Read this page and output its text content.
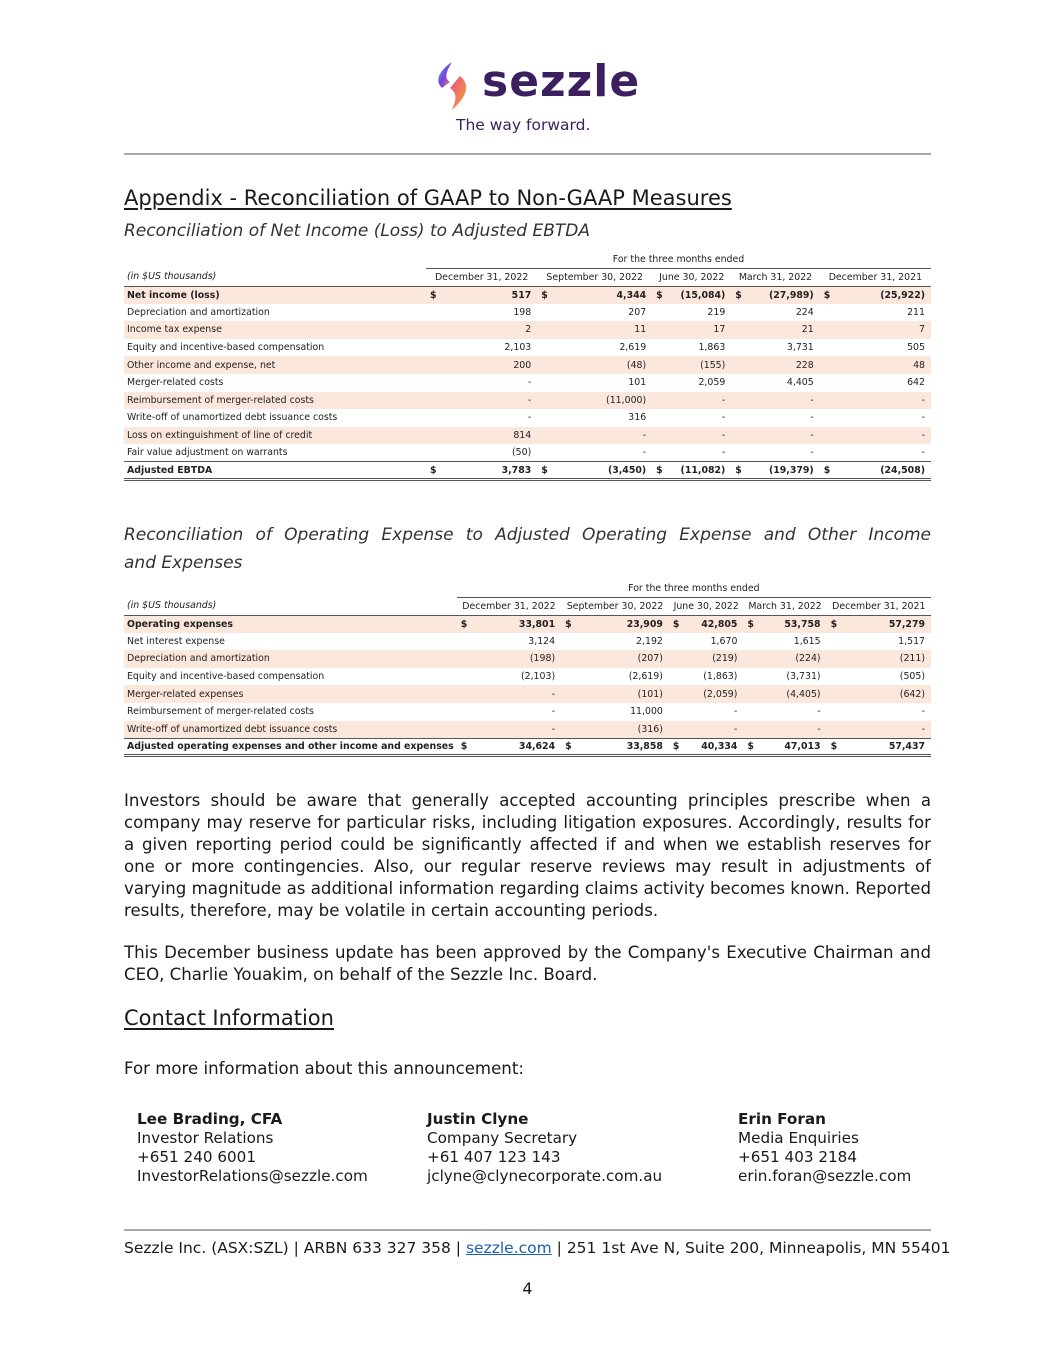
sezzle
The way forward.
Appendix - Reconciliation of GAAP to Non-GAAP Measures
Reconciliation of Net Income (Loss) to Adjusted EBTDA
	For the three months ended									
(in $US thousands)	December 31, 2022		September 30, 2022		June 30, 2022		March 31, 2022		December 31, 2021	
Net income (loss)	$	517	$	4,344	$	(15,084)	$	(27,989)	$	(25,922)
Depreciation and amortization		198		207		219		224		211
Income tax expense		2		11		17		21		7
Equity and incentive-based compensation		2,103		2,619		1,863		3,731		505
Other income and expense, net		200		(48)		(155)		228		48
Merger-related costs		-		101		2,059		4,405		642
Reimbursement of merger-related costs		-		(11,000)		-		-		-
Write-off of unamortized debt issuance costs		-		316		-		-		-
Loss on extinguishment of line of credit		814		-		-		-		-
Fair value adjustment on warrants		(50)		-		-		-		-
Adjusted EBTDA	$	3,783	$	(3,450)	$	(11,082)	$	(19,379)	$	(24,508)
Reconciliation of Operating Expense to Adjusted Operating Expense and Other Income
and Expenses
	For the three months ended									
(in $US thousands)	December 31, 2022		September 30, 2022		June 30, 2022		March 31, 2022		December 31, 2021	
Operating expenses	$	33,801	$	23,909	$	42,805	$	53,758	$	57,279
Net interest expense		3,124		2,192		1,670		1,615		1,517
Depreciation and amortization		(198)		(207)		(219)		(224)		(211)
Equity and incentive-based compensation		(2,103)		(2,619)		(1,863)		(3,731)		(505)
Merger-related expenses		-		(101)		(2,059)		(4,405)		(642)
Reimbursement of merger-related costs		-		11,000		-		-		-
Write-off of unamortized debt issuance costs		-		(316)		-		-		-
Adjusted operating expenses and other income and expenses	$	34,624	$	33,858	$	40,334	$	47,013	$	57,437
Investors should be aware that generally accepted accounting principles prescribe when a company may reserve for particular risks, including litigation exposures. Accordingly, results for a given reporting period could be significantly affected if and when we establish reserves for one or more contingencies. Also, our regular reserve reviews may result in adjustments of varying magnitude as additional information regarding claims activity becomes known. Reported results, therefore, may be volatile in certain accounting periods.
This December business update has been approved by the Company's Executive Chairman and CEO, Charlie Youakim, on behalf of the Sezzle Inc. Board.
Contact Information
For more information about this announcement:
Lee Brading, CFA
Investor Relations
+651 240 6001
InvestorRelations@sezzle.com
Justin Clyne
Company Secretary
+61 407 123 143
jclyne@clynecorporate.com.au
Erin Foran
Media Enquiries
+651 403 2184
erin.foran@sezzle.com
Sezzle Inc. (ASX:SZL) | ARBN 633 327 358 | sezzle.com | 251 1st Ave N, Suite 200, Minneapolis, MN 55401
4
